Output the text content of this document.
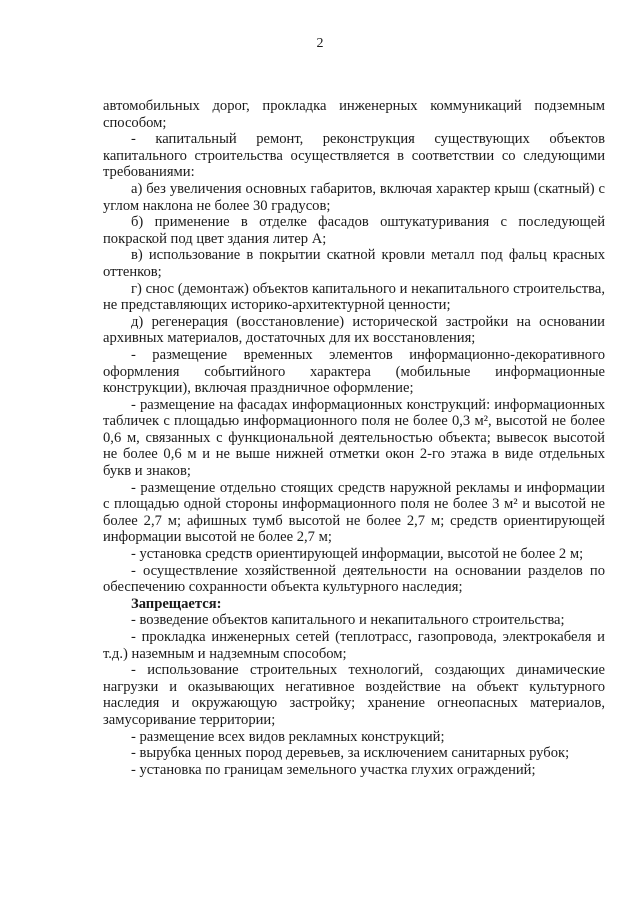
2

автомобильных дорог, прокладка инженерных коммуникаций подземным способом;

- капитальный ремонт, реконструкция существующих объектов капитального строительства осуществляется в соответствии со следующими требованиями:

а) без увеличения основных габаритов, включая характер крыш (скатный) с углом наклона не более 30 градусов;

б) применение в отделке фасадов оштукатуривания с последующей покраской под цвет здания литер А;

в) использование в покрытии скатной кровли металл под фальц красных оттенков;

г) снос (демонтаж) объектов капитального и некапитального строительства, не представляющих историко-архитектурной ценности;

д) регенерация (восстановление) исторической застройки на основании архивных материалов, достаточных для их восстановления;

- размещение временных элементов информационно-декоративного оформления событийного характера (мобильные информационные конструкции), включая праздничное оформление;

- размещение на фасадах информационных конструкций: информационных табличек с площадью информационного поля не более 0,3 м², высотой не более 0,6 м, связанных с функциональной деятельностью объекта; вывесок высотой не более 0,6 м и не выше нижней отметки окон 2-го этажа в виде отдельных букв и знаков;

- размещение отдельно стоящих средств наружной рекламы и информации с площадью одной стороны информационного поля не более 3 м² и высотой не более 2,7 м; афишных тумб высотой не более 2,7 м; средств ориентирующей информации высотой не более 2,7 м;

- установка средств ориентирующей информации, высотой не более 2 м;

- осуществление хозяйственной деятельности на основании разделов по обеспечению сохранности объекта культурного наследия;

Запрещается:

- возведение объектов капитального и некапитального строительства;

- прокладка инженерных сетей (теплотрасс, газопровода, электрокабеля и т.д.) наземным и надземным способом;

- использование строительных технологий, создающих динамические нагрузки и оказывающих негативное воздействие на объект культурного наследия и окружающую застройку; хранение огнеопасных материалов, замусоривание территории;

- размещение всех видов рекламных конструкций;

- вырубка ценных пород деревьев, за исключением санитарных рубок;

- установка по границам земельного участка глухих ограждений;
